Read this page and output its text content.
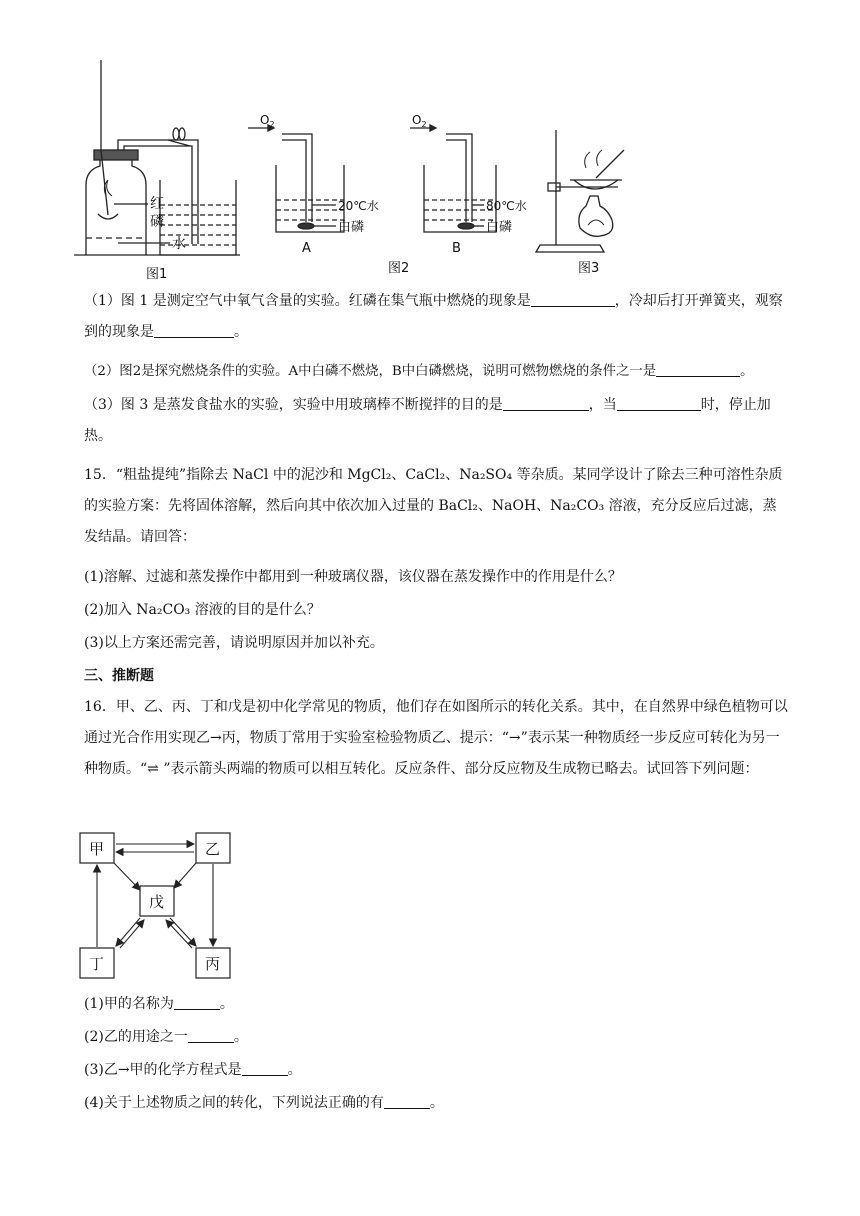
图1
红
磷
水
$O_2$
20℃水
白磷
A
图2
$O_2$
80℃水
白磷
B
图3
（1）图 1 是测定空气中氧气含量的实验。红磷在集气瓶中燃烧的现象是	，冷却后打开弹簧夹，观察到的现象是	。
（2）图2是探究燃烧条件的实验。A中白磷不燃烧，B中白磷燃烧，说明可燃物燃烧的条件之一是	。
（3）图 3 是蒸发食盐水的实验，实验中用玻璃棒不断搅拌的目的是	，当	时，停止加热。
15．“粗盐提纯”指除去 NaCl 中的泥沙和 MgCl₂、CaCl₂、Na₂SO₄ 等杂质。某同学设计了除去三种可溶性杂质的实验方案：先将固体溶解，然后向其中依次加入过量的 BaCl₂、NaOH、Na₂CO₃ 溶液，充分反应后过滤，蒸发结晶。请回答：
(1)溶解、过滤和蒸发操作中都用到一种玻璃仪器，该仪器在蒸发操作中的作用是什么？
(2)加入 Na₂CO₃ 溶液的目的是什么？
(3)以上方案还需完善，请说明原因并加以补充。
三、推断题
16．甲、乙、丙、丁和戊是初中化学常见的物质，他们存在如图所示的转化关系。其中，在自然界中绿色植物可以通过光合作用实现乙→丙，物质丁常用于实验室检验物质乙、提示：“→”表示某一种物质经一步反应可转化为另一种物质。“⇌ ”表示箭头两端的物质可以相互转化。反应条件、部分反应物及生成物已略去。试回答下列问题：
甲	乙
戊
丁	丙
(1)甲的名称为	。
(2)乙的用途之一	。
(3)乙→甲的化学方程式是	。
(4)关于上述物质之间的转化，下列说法正确的有	。
